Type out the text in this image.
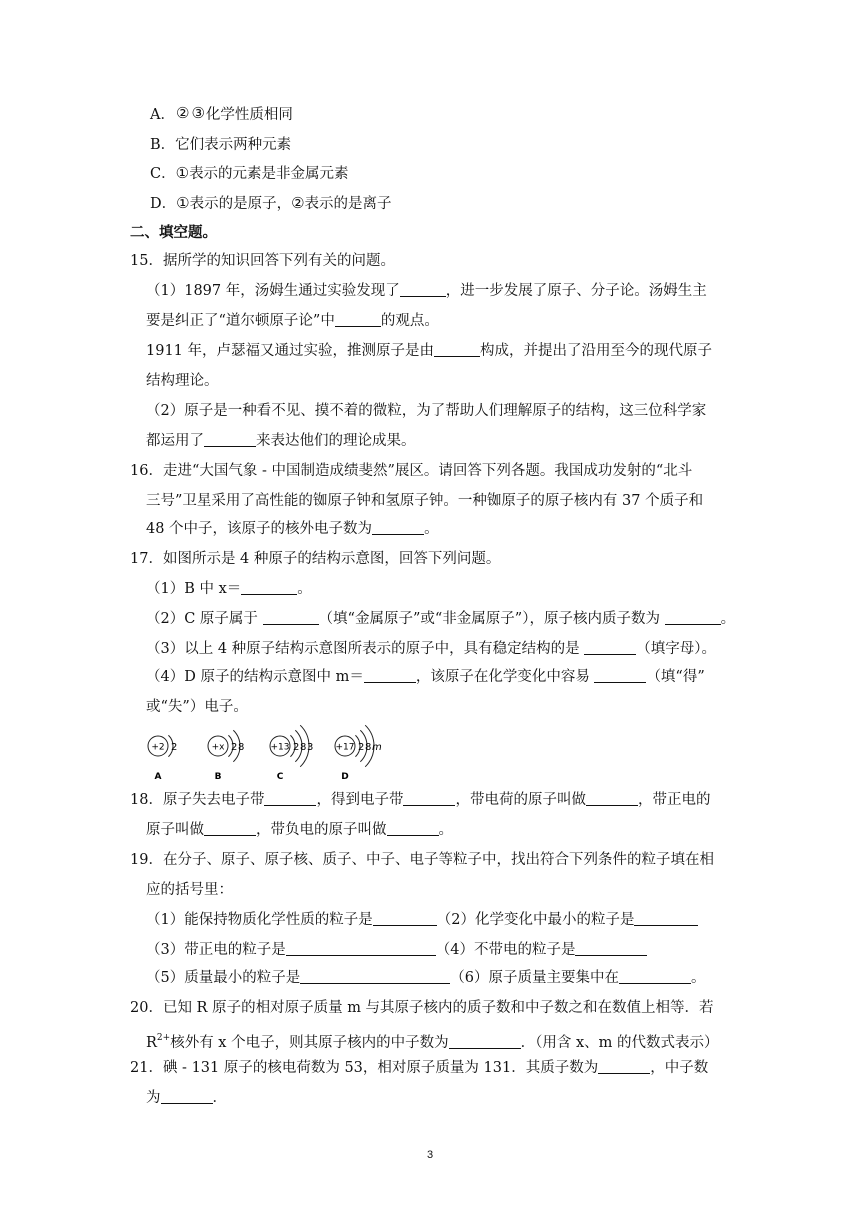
A．② ③化学性质相同
B．它们表示两种元素
C．①表示的元素是非金属元素
D．①表示的是原子，②表示的是离子
二、填空题。
15．据所学的知识回答下列有关的问题。
（1）1897 年，汤姆生通过实验发现了	，进一步发展了原子、分子论。汤姆生主
要是纠正了“道尔顿原子论”中	的观点。
1911 年，卢瑟福又通过实验，推测原子是由	构成，并提出了沿用至今的现代原子
结构理论。
（2）原子是一种看不见、摸不着的微粒，为了帮助人们理解原子的结构，这三位科学家
都运用了	来表达他们的理论成果。
16．走进“大国气象 - 中国制造成绩斐然”展区。请回答下列各题。我国成功发射的“北斗
三号”卫星采用了高性能的铷原子钟和氢原子钟。一种铷原子的原子核内有 37 个质子和
48 个中子，该原子的核外电子数为	。
17．如图所示是 4 种原子的结构示意图，回答下列问题。
（1）B 中 x＝	。
（2）C 原子属于	（填“金属原子”或“非金属原子”），原子核内质子数为	。
（3）以上 4 种原子结构示意图所表示的原子中，具有稳定结构的是	（填字母）。
（4）D 原子的结构示意图中 m＝	，该原子在化学变化中容易	（填“得”
或“失”）电子。
+2 2
A
+x 2 8
B
+13 2 8 3
C
+17 2 8 m
D
18．原子失去电子带	，得到电子带	，带电荷的原子叫做	，带正电的
原子叫做	，带负电的原子叫做	。
19．在分子、原子、原子核、质子、中子、电子等粒子中，找出符合下列条件的粒子填在相
应的括号里：
（1）能保持物质化学性质的粒子是	（2）化学变化中最小的粒子是
（3）带正电的粒子是	（4）不带电的粒子是
（5）质量最小的粒子是	（6）原子质量主要集中在	。
20．已知 R 原子的相对原子质量 m 与其原子核内的质子数和中子数之和在数值上相等．若
$R^{2+}$核外有 x 个电子，则其原子核内的中子数为	．（用含 x、m 的代数式表示）
21．碘 - 131 原子的核电荷数为 53，相对原子质量为 131．其质子数为	，中子数
为	．
3
